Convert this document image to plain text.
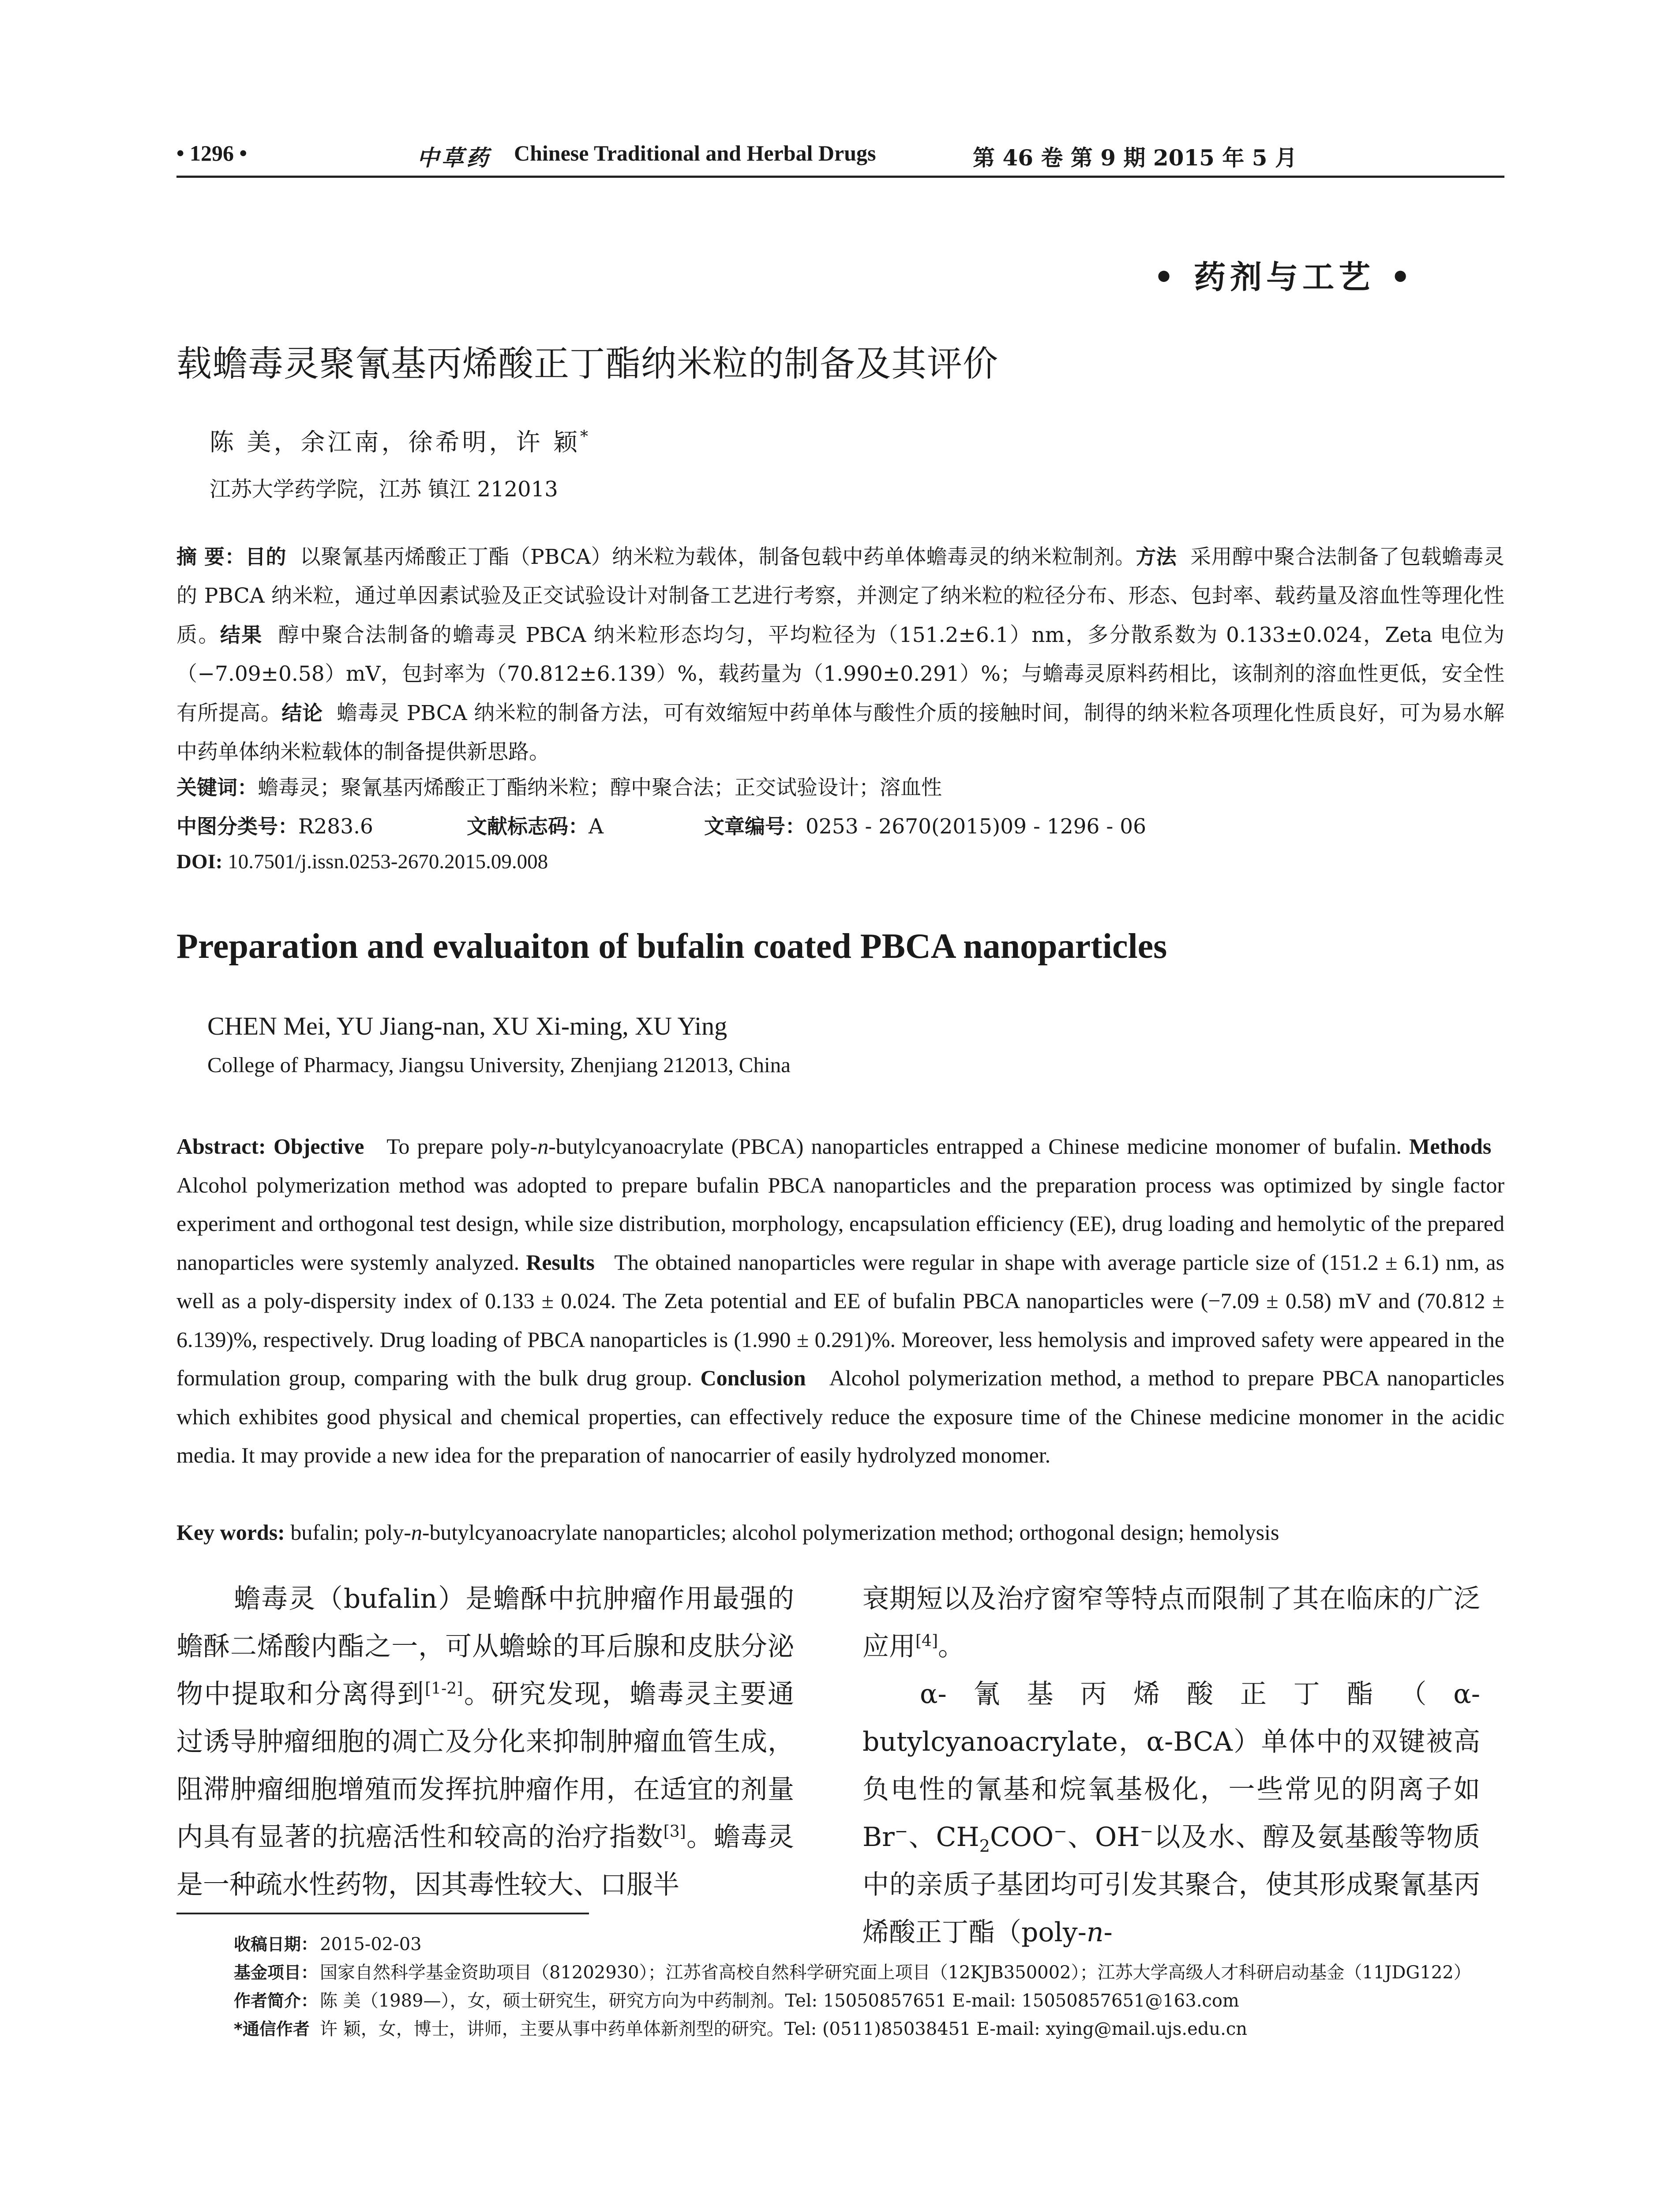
• 1296 •	中草药 Chinese Traditional and Herbal Drugs	第 46 卷 第 9 期 2015 年 5 月
• 药剂与工艺 •
载蟾毒灵聚氰基丙烯酸正丁酯纳米粒的制备及其评价
陈 美，余江南，徐希明，许 颖*
江苏大学药学院，江苏 镇江 212013
摘 要：目的 以聚氰基丙烯酸正丁酯（PBCA）纳米粒为载体，制备包载中药单体蟾毒灵的纳米粒制剂。方法 采用醇中聚合法制备了包载蟾毒灵的 PBCA 纳米粒，通过单因素试验及正交试验设计对制备工艺进行考察，并测定了纳米粒的粒径分布、形态、包封率、载药量及溶血性等理化性质。结果 醇中聚合法制备的蟾毒灵 PBCA 纳米粒形态均匀，平均粒径为（151.2±6.1）nm，多分散系数为 0.133±0.024，Zeta 电位为（−7.09±0.58）mV，包封率为（70.812±6.139）%，载药量为（1.990±0.291）%；与蟾毒灵原料药相比，该制剂的溶血性更低，安全性有所提高。结论 蟾毒灵 PBCA 纳米粒的制备方法，可有效缩短中药单体与酸性介质的接触时间，制得的纳米粒各项理化性质良好，可为易水解中药单体纳米粒载体的制备提供新思路。
关键词：蟾毒灵；聚氰基丙烯酸正丁酯纳米粒；醇中聚合法；正交试验设计；溶血性
中图分类号：R283.6	文献标志码：A	文章编号：0253 - 2670(2015)09 - 1296 - 06
DOI: 10.7501/j.issn.0253-2670.2015.09.008
Preparation and evaluaiton of bufalin coated PBCA nanoparticles
CHEN Mei, YU Jiang-nan, XU Xi-ming, XU Ying
College of Pharmacy, Jiangsu University, Zhenjiang 212013, China
Abstract: Objective To prepare poly-n-butylcyanoacrylate (PBCA) nanoparticles entrapped a Chinese medicine monomer of bufalin. Methods   Alcohol polymerization method was adopted to prepare bufalin PBCA nanoparticles and the preparation process was optimized by single factor experiment and orthogonal test design, while size distribution, morphology, encapsulation efficiency (EE), drug loading and hemolytic of the prepared nanoparticles were systemly analyzed. Results The obtained nanoparticles were regular in shape with average particle size of (151.2 ± 6.1) nm, as well as a poly-dispersity index of 0.133 ± 0.024. The Zeta potential and EE of bufalin PBCA nanoparticles were (−7.09 ± 0.58) mV and (70.812 ± 6.139)%, respectively. Drug loading of PBCA nanoparticles is (1.990 ± 0.291)%. Moreover, less hemolysis and improved safety were appeared in the formulation group, comparing with the bulk drug group. Conclusion Alcohol polymerization method, a method to prepare PBCA nanoparticles which exhibites good physical and chemical properties, can effectively reduce the exposure time of the Chinese medicine monomer in the acidic media. It may provide a new idea for the preparation of nanocarrier of easily hydrolyzed monomer.
Key words: bufalin; poly-n-butylcyanoacrylate nanoparticles; alcohol polymerization method; orthogonal design; hemolysis

蟾毒灵（bufalin）是蟾酥中抗肿瘤作用最强的蟾酥二烯酸内酯之一，可从蟾蜍的耳后腺和皮肤分泌物中提取和分离得到[1-2]。研究发现，蟾毒灵主要通过诱导肿瘤细胞的凋亡及分化来抑制肿瘤血管生成，阻滞肿瘤细胞增殖而发挥抗肿瘤作用，在适宜的剂量内具有显著的抗癌活性和较高的治疗指数[3]。蟾毒灵是一种疏水性药物，因其毒性较大、口服半

衰期短以及治疗窗窄等特点而限制了其在临床的广泛应用[4]。

α-氰基丙烯酸正丁酯（α-butylcyanoacrylate，α-BCA）单体中的双键被高负电性的氰基和烷氧基极化，一些常见的阴离子如 Br−、$CH_2COO^-$、OH−以及水、醇及氨基酸等物质中的亲质子基团均可引发其聚合，使其形成聚氰基丙烯酸正丁酯（poly-n-

收稿日期： 2015-02-03
基金项目： 国家自然科学基金资助项目（81202930）；江苏省高校自然科学研究面上项目（12KJB350002）；江苏大学高级人才科研启动基金（11JDG122）
作者简介： 陈 美（1989—），女，硕士研究生，研究方向为中药制剂。Tel: 15050857651 E-mail: 15050857651@163.com
*通信作者 许 颖，女，博士，讲师，主要从事中药单体新剂型的研究。Tel: (0511)85038451 E-mail: xying@mail.ujs.edu.cn
